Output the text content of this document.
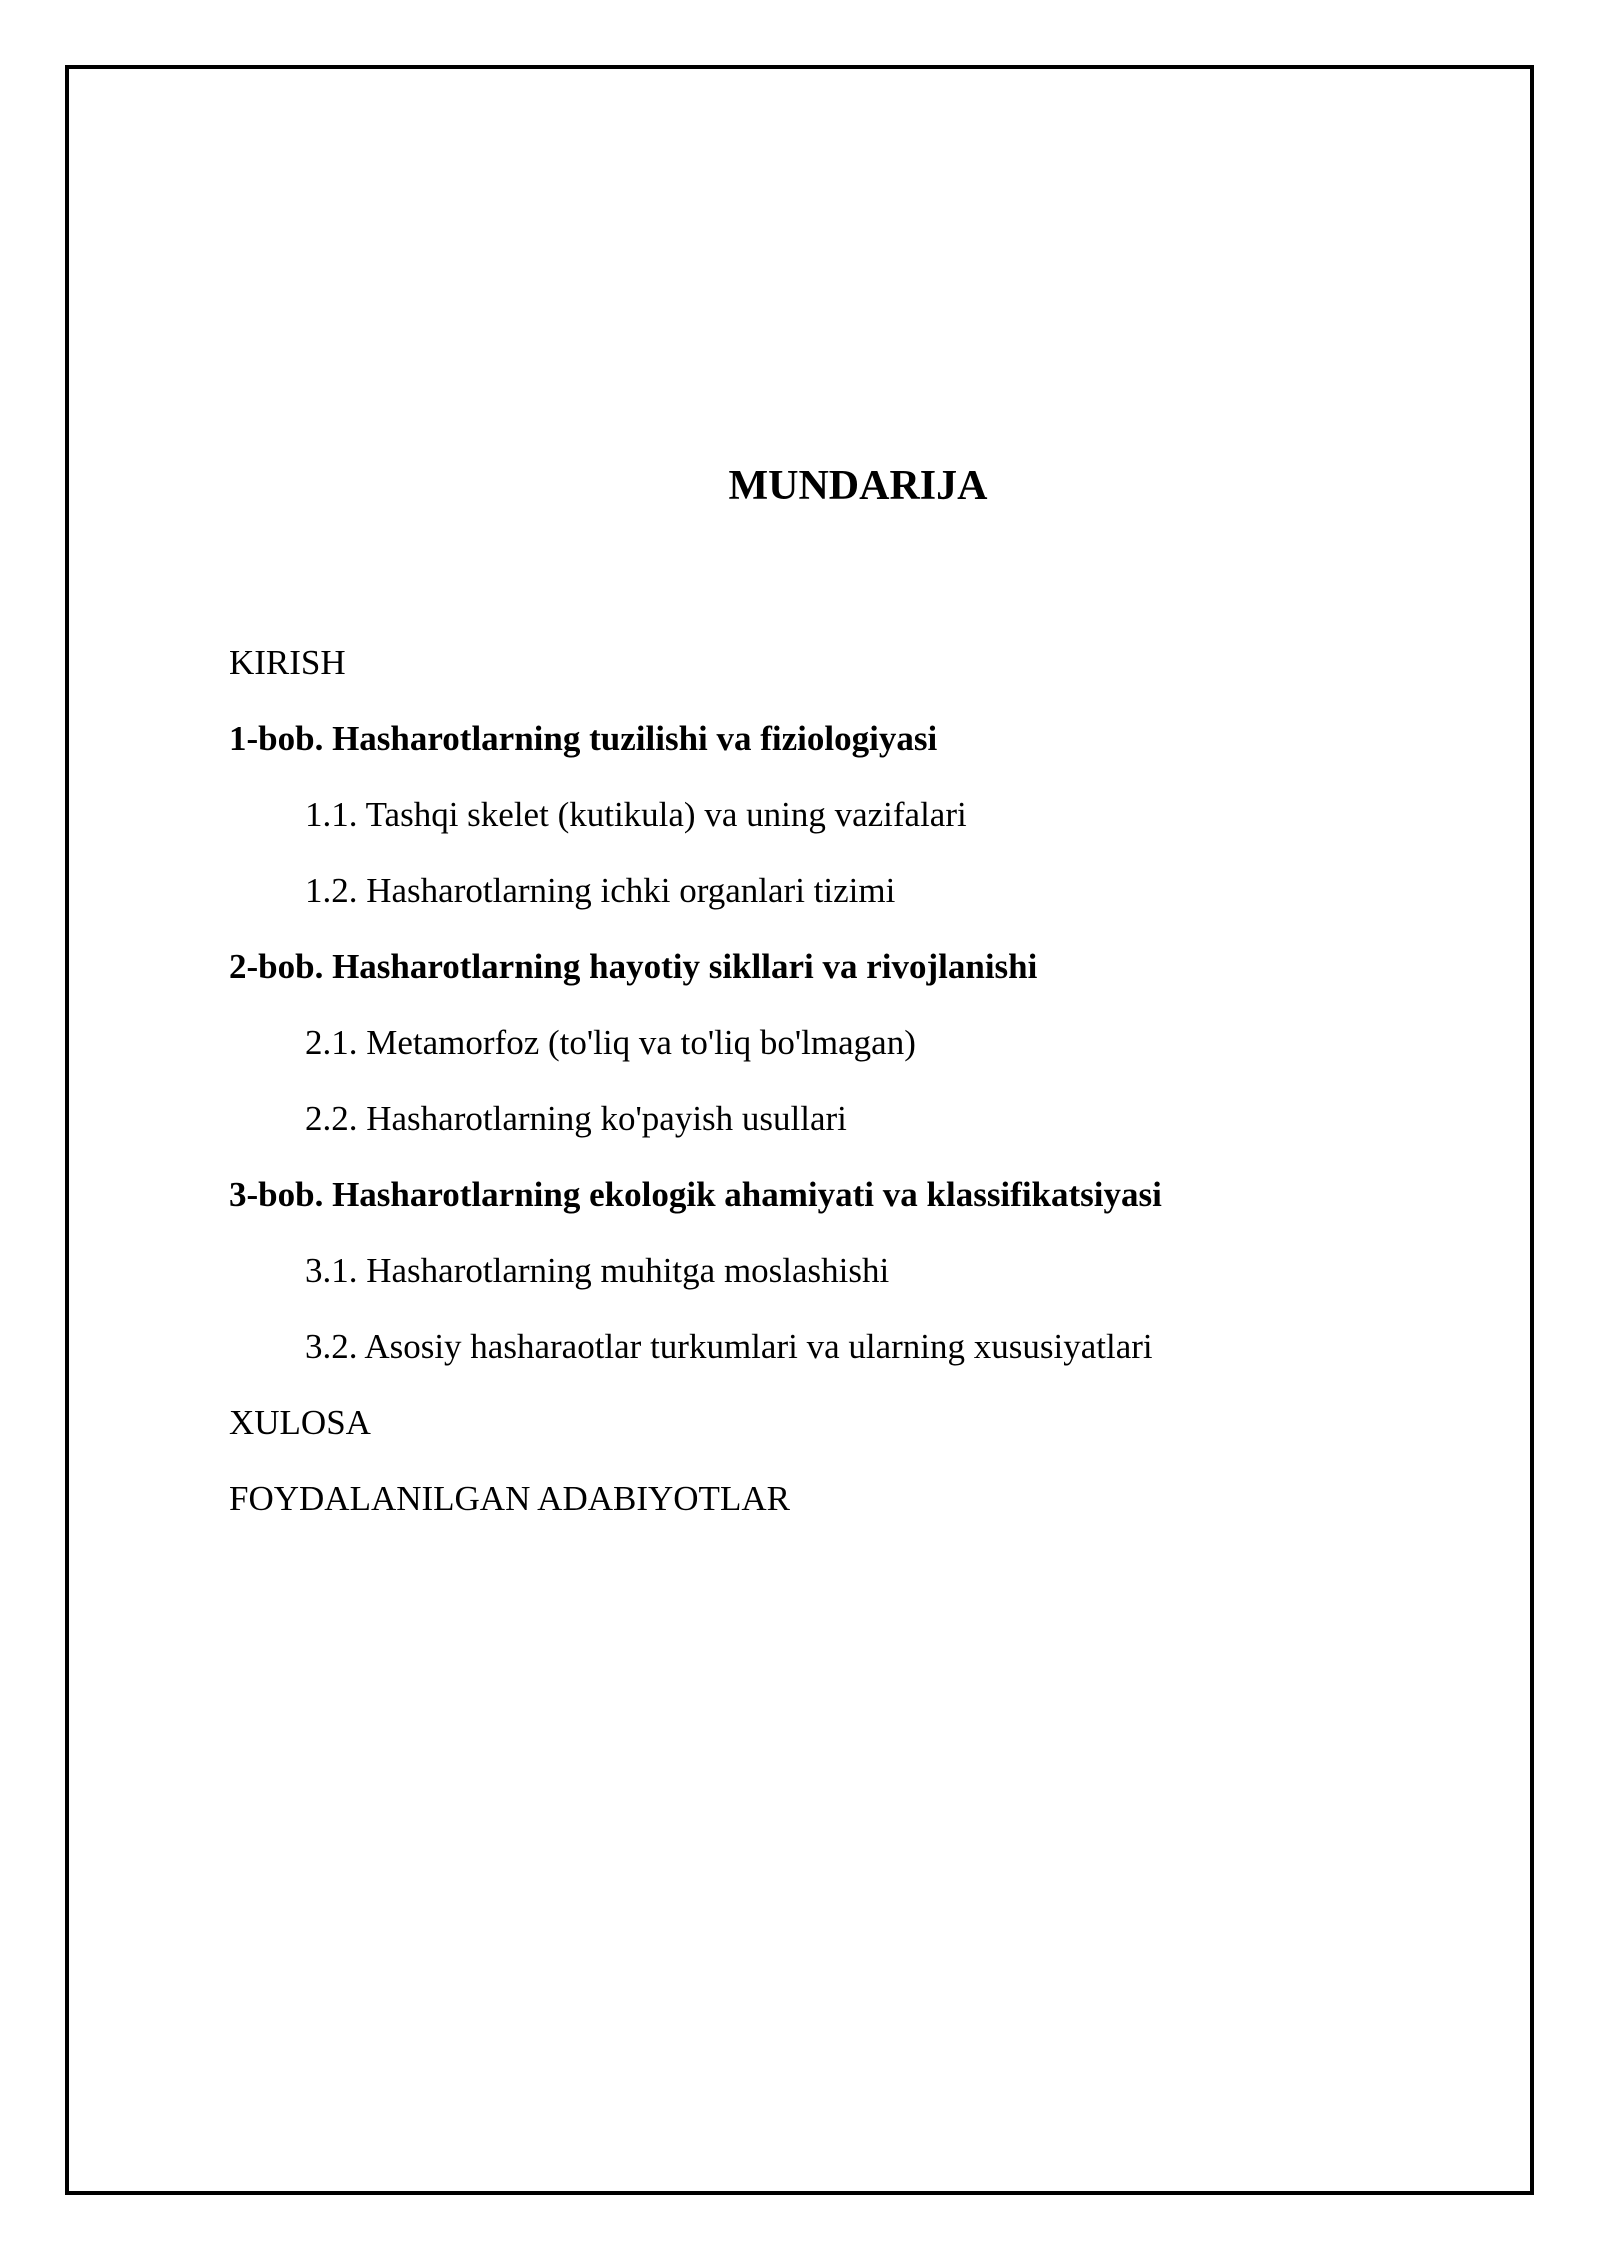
MUNDARIJA
KIRISH
1-bob. Hasharotlarning tuzilishi va fiziologiyasi
1.1. Tashqi skelet (kutikula) va uning vazifalari
1.2. Hasharotlarning ichki organlari tizimi
2-bob. Hasharotlarning hayotiy sikllari va rivojlanishi
2.1. Metamorfoz (to'liq va to'liq bo'lmagan)
2.2. Hasharotlarning ko'payish usullari
3-bob. Hasharotlarning ekologik ahamiyati va klassifikatsiyasi
3.1. Hasharotlarning muhitga moslashishi
3.2. Asosiy hasharaotlar turkumlari va ularning xususiyatlari
XULOSA
FOYDALANILGAN ADABIYOTLAR
